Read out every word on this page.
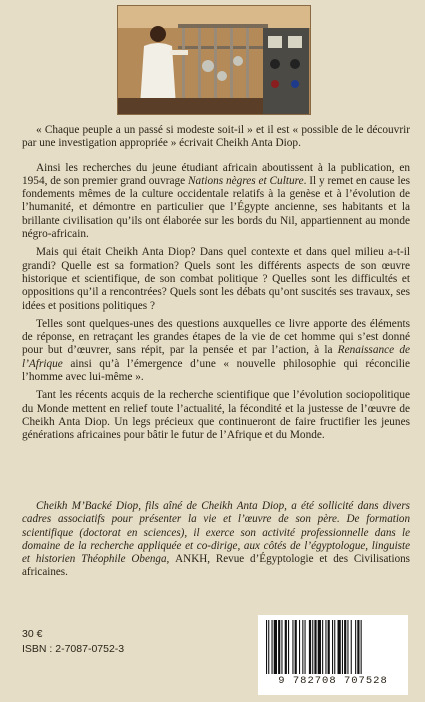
« Chaque peuple a un passé si modeste soit-il » et il est « possible de le découvrir par une investigation appropriée » écrivait Cheikh Anta Diop.

Ainsi les recherches du jeune étudiant africain aboutissent à la publication, en 1954, de son premier grand ouvrage Nations nègres et Culture. Il y remet en cause les fondements mêmes de la culture occidentale relatifs à la genèse et à l’évolution de l’humanité, et démontre en particulier que l’Égypte ancienne, ses habitants et la brillante civilisation qu’ils ont élaborée sur les bords du Nil, appartiennent au monde négro-africain.

Mais qui était Cheikh Anta Diop? Dans quel contexte et dans quel milieu a-t-il grandi? Quelle est sa formation? Quels sont les différents aspects de son œuvre historique et scientifique, de son combat politique ? Quelles sont les difficultés et oppositions qu’il a rencontrées? Quels sont les débats qu’ont suscités ses travaux, ses idées et positions politiques ?

Telles sont quelques-unes des questions auxquelles ce livre apporte des éléments de réponse, en retraçant les grandes étapes de la vie de cet homme qui s’est donné pour but d’œuvrer, sans répit, par la pensée et par l’action, à la Renaissance de l’Afrique ainsi qu’à l’émergence d’une « nouvelle philosophie qui réconcilie l’homme avec lui-même ».

Tant les récents acquis de la recherche scientifique que l’évolution sociopolitique du Monde mettent en relief toute l’actualité, la fécondité et la justesse de l’œuvre de Cheikh Anta Diop. Un legs précieux que continueront de faire fructifier les jeunes générations africaines pour bâtir le futur de l’Afrique et du Monde.

Cheikh M’Backé Diop, fils aîné de Cheikh Anta Diop, a été sollicité dans divers cadres associatifs pour présenter la vie et l’œuvre de son père. De formation scientifique (doctorat en sciences), il exerce son activité professionnelle dans le domaine de la recherche appliquée et co-dirige, aux côtés de l’égyptologue, linguiste et historien Théophile Obenga, ANKH, Revue d’Égyptologie et des Civilisations africaines.

30 €
ISBN : 2-7087-0752-3
9 782708 707528
